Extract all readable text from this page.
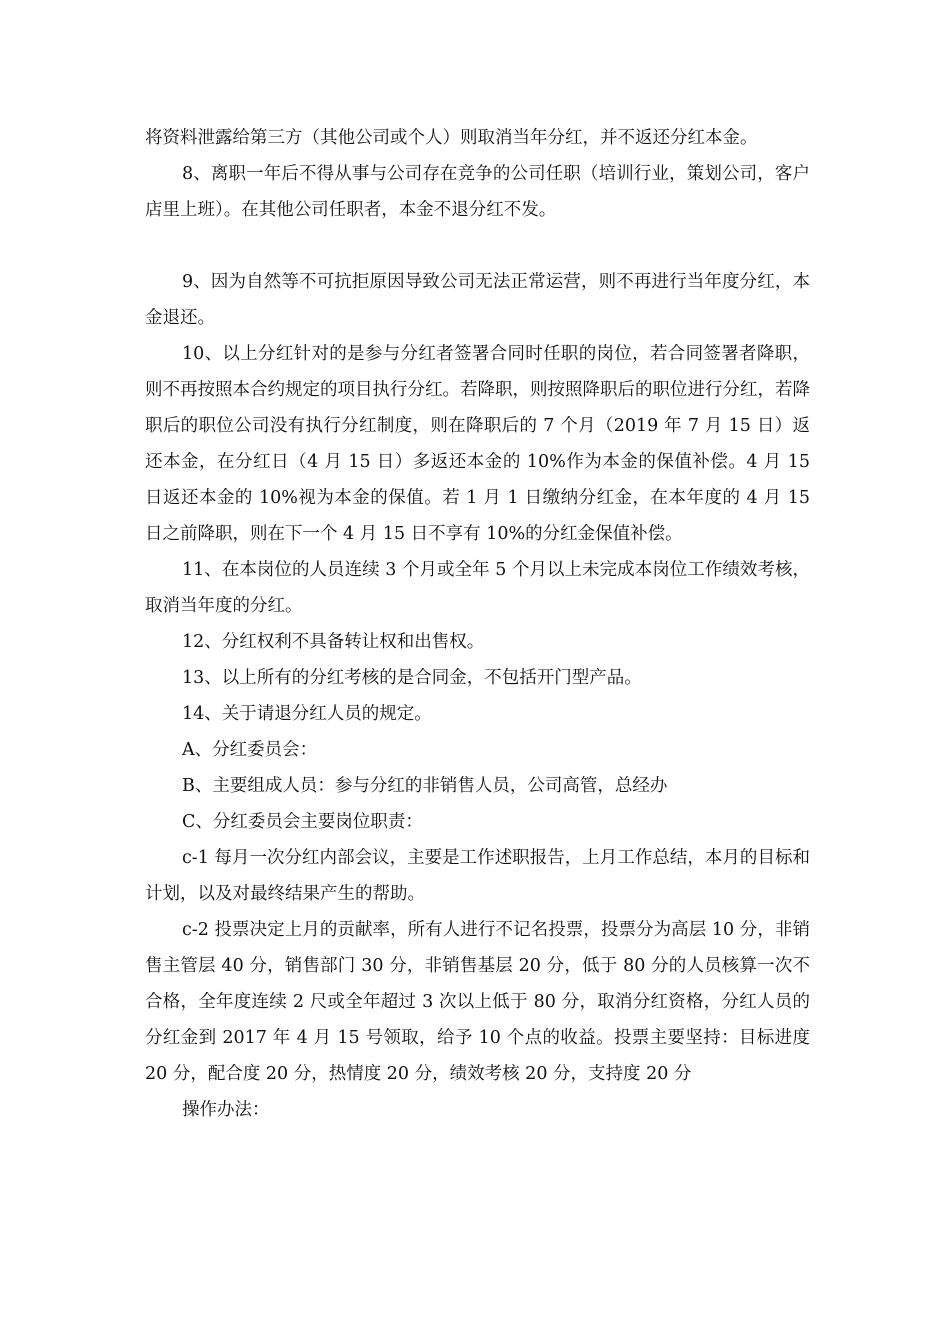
将资料泄露给第三方（其他公司或个人）则取消当年分红，并不返还分红本金。

8、离职一年后不得从事与公司存在竞争的公司任职（培训行业，策划公司，客户店里上班）。在其他公司任职者，本金不退分红不发。

9、因为自然等不可抗拒原因导致公司无法正常运营，则不再进行当年度分红，本金退还。

10、以上分红针对的是参与分红者签署合同时任职的岗位，若合同签署者降职，则不再按照本合约规定的项目执行分红。若降职，则按照降职后的职位进行分红，若降职后的职位公司没有执行分红制度，则在降职后的 7 个月（2019 年 7 月 15 日）返还本金，在分红日（4 月 15 日）多返还本金的 10%作为本金的保值补偿。4 月 15 日返还本金的 10%视为本金的保值。若 1 月 1 日缴纳分红金，在本年度的 4 月 15 日之前降职，则在下一个 4 月 15 日不享有 10%的分红金保值补偿。

11、在本岗位的人员连续 3 个月或全年 5 个月以上未完成本岗位工作绩效考核，取消当年度的分红。

12、分红权利不具备转让权和出售权。

13、以上所有的分红考核的是合同金，不包括开门型产品。

14、关于请退分红人员的规定。

A、分红委员会：

B、主要组成人员：参与分红的非销售人员，公司高管，总经办

C、分红委员会主要岗位职责：

c-1 每月一次分红内部会议，主要是工作述职报告，上月工作总结，本月的目标和计划，以及对最终结果产生的帮助。

c-2 投票决定上月的贡献率，所有人进行不记名投票，投票分为高层 10 分，非销售主管层 40 分，销售部门 30 分，非销售基层 20 分，低于 80 分的人员核算一次不合格，全年度连续 2 尺或全年超过 3 次以上低于 80 分，取消分红资格，分红人员的分红金到 2017 年 4 月 15 号领取，给予 10 个点的收益。投票主要坚持：目标进度 20 分，配合度 20 分，热情度 20 分，绩效考核 20 分，支持度 20 分

操作办法：
